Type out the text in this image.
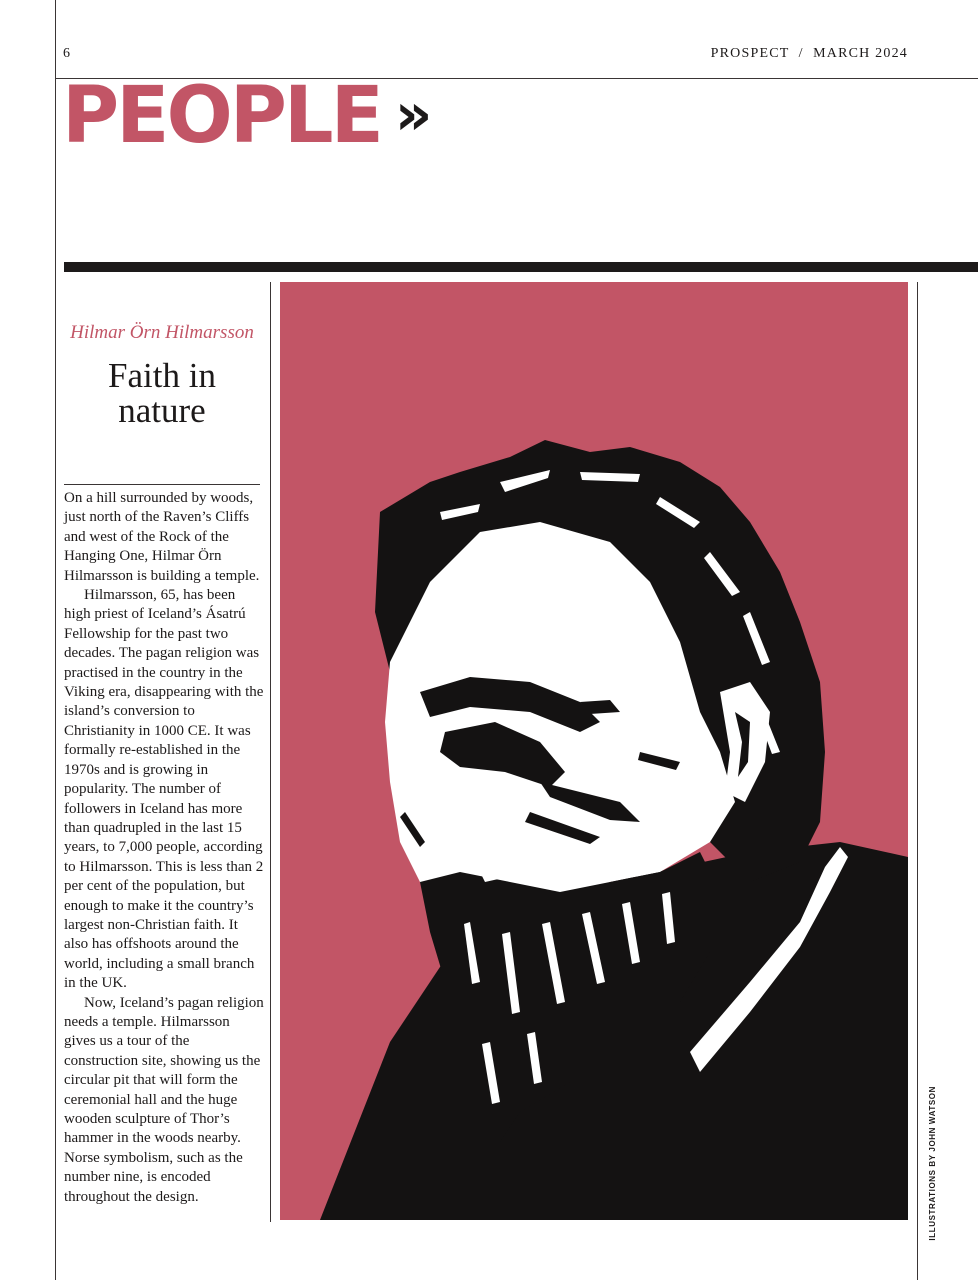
6	PROSPECT  /  MARCH 2024
PEOPLE »
Hilmar Örn Hilmarsson
Faith in nature

On a hill surrounded by woods, just north of the Raven’s Cliffs and west of the Rock of the Hanging One, Hilmar Örn Hilmarsson is building a temple.

Hilmarsson, 65, has been high priest of Iceland’s Ásatrú Fellowship for the past two decades. The pagan religion was practised in the country in the Viking era, disappearing with the island’s conversion to Christianity in 1000 CE. It was formally re-established in the 1970s and is growing in popularity. The number of followers in Iceland has more than quadrupled in the last 15 years, to 7,000 people, according to Hilmarsson. This is less than 2 per cent of the population, but enough to make it the country’s largest non-Christian faith. It also has offshoots around the world, including a small branch in the UK.

Now, Iceland’s pagan religion needs a temple. Hilmarsson gives us a tour of the construction site, showing us the circular pit that will form the ceremonial hall and the huge wooden sculpture of Thor’s hammer in the woods nearby. Norse symbolism, such as the number nine, is encoded throughout the design.	ILLUSTRATIONS BY JOHN WATSON
